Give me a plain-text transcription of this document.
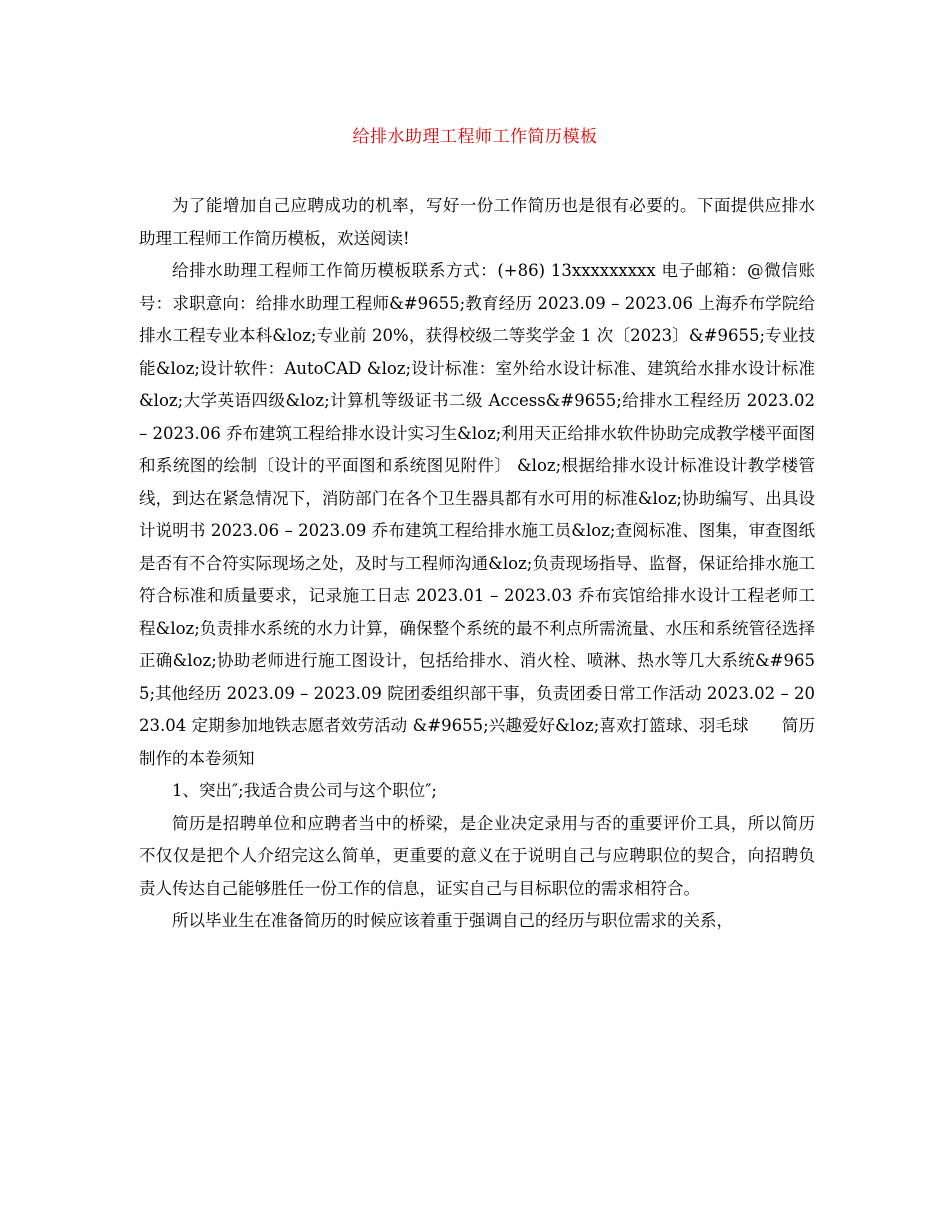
给排水助理工程师工作简历模板

为了能增加自己应聘成功的机率，写好一份工作简历也是很有必要的。下面提供应排水助理工程师工作简历模板，欢送阅读!

给排水助理工程师工作简历模板联系方式：(+86) 13xxxxxxxxx 电子邮箱：@微信账号：求职意向：给排水助理工程师&#9655;教育经历 2023.09 – 2023.06 上海乔布学院给排水工程专业本科&loz;专业前 20%，获得校级二等奖学金 1 次〔2023〕&#9655;专业技能&loz;设计软件：AutoCAD &loz;设计标准：室外给水设计标准、建筑给水排水设计标准 &loz;大学英语四级&loz;计算机等级证书二级 Access&#9655;给排水工程经历 2023.02 – 2023.06 乔布建筑工程给排水设计实习生&loz;利用天正给排水软件协助完成教学楼平面图和系统图的绘制〔设计的平面图和系统图见附件〕 &loz;根据给排水设计标准设计教学楼管线，到达在紧急情况下，消防部门在各个卫生器具都有水可用的标准&loz;协助编写、出具设计说明书 2023.06 – 2023.09 乔布建筑工程给排水施工员&loz;查阅标准、图集，审查图纸是否有不合符实际现场之处，及时与工程师沟通&loz;负责现场指导、监督，保证给排水施工符合标准和质量要求，记录施工日志 2023.01 – 2023.03 乔布宾馆给排水设计工程老师工程&loz;负责排水系统的水力计算，确保整个系统的最不利点所需流量、水压和系统管径选择正确&loz;协助老师进行施工图设计，包括给排水、消火栓、喷淋、热水等几大系统&#9655;其他经历 2023.09 – 2023.09 院团委组织部干事，负责团委日常工作活动 2023.02 – 2023.04 定期参加地铁志愿者效劳活动 &#9655;兴趣爱好&loz;喜欢打篮球、羽毛球　　简历制作的本卷须知

1、突出″;我适合贵公司与这个职位″;

简历是招聘单位和应聘者当中的桥梁，是企业决定录用与否的重要评价工具，所以简历不仅仅是把个人介绍完这么简单，更重要的意义在于说明自己与应聘职位的契合，向招聘负责人传达自己能够胜任一份工作的信息，证实自己与目标职位的需求相符合。

所以毕业生在准备简历的时候应该着重于强调自己的经历与职位需求的关系，
